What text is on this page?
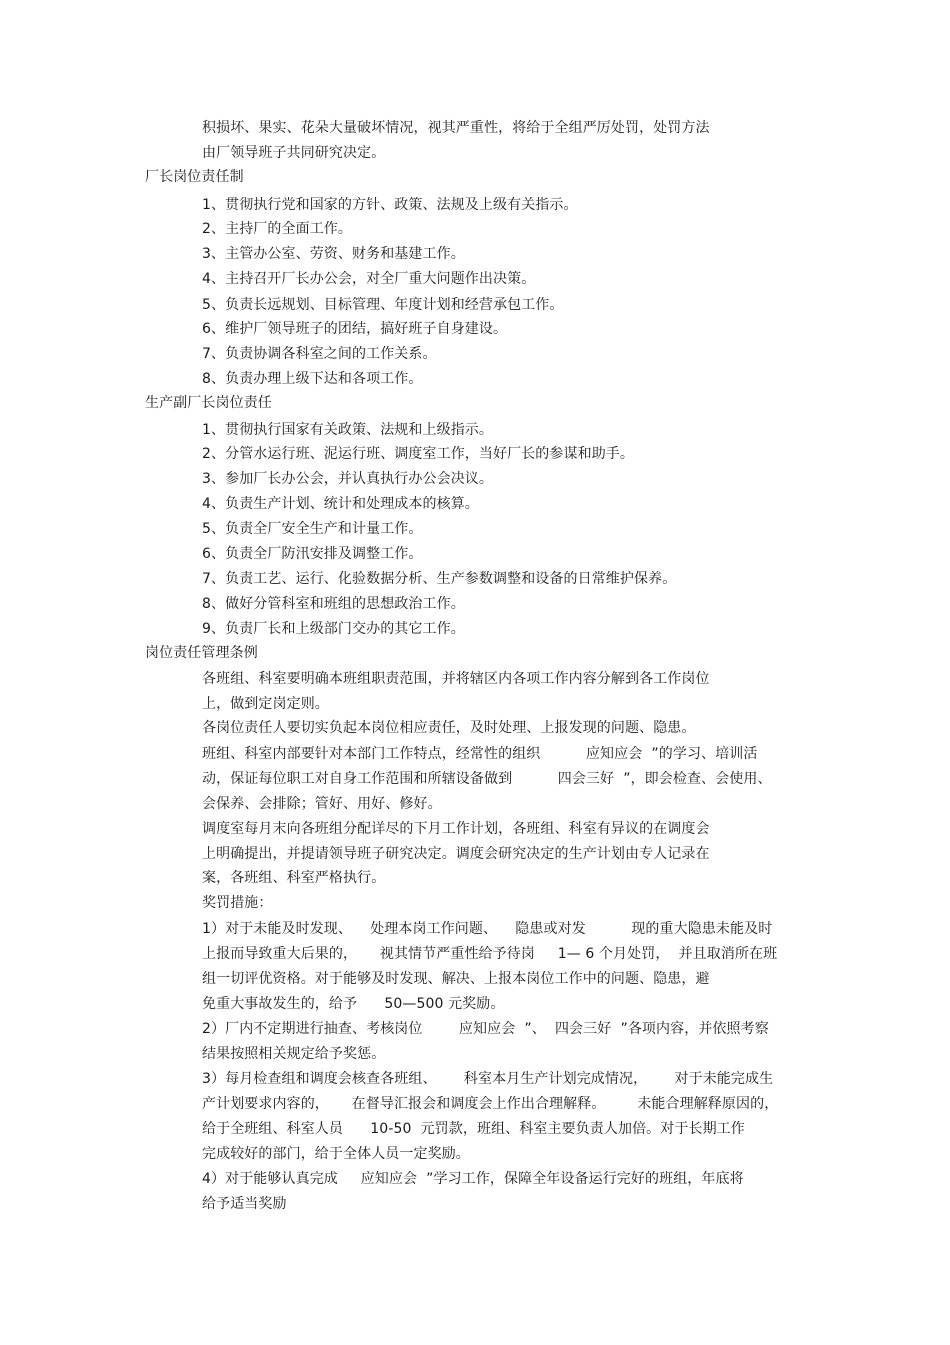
积损坏、果实、花朵大量破坏情况，视其严重性，将给于全组严厉处罚，处罚方法
由厂领导班子共同研究决定。
厂长岗位责任制
1、贯彻执行党和国家的方针、政策、法规及上级有关指示。
2、主持厂的全面工作。
3、主管办公室、劳资、财务和基建工作。
4、主持召开厂长办公会，对全厂重大问题作出决策。
5、负责长远规划、目标管理、年度计划和经营承包工作。
6、维护厂领导班子的团结，搞好班子自身建设。
7、负责协调各科室之间的工作关系。
8、负责办理上级下达和各项工作。
生产副厂长岗位责任
1、贯彻执行国家有关政策、法规和上级指示。
2、分管水运行班、泥运行班、调度室工作，当好厂长的参谋和助手。
3、参加厂长办公会，并认真执行办公会决议。
4、负责生产计划、统计和处理成本的核算。
5、负责全厂安全生产和计量工作。
6、负责全厂防汛安排及调整工作。
7、负责工艺、运行、化验数据分析、生产参数调整和设备的日常维护保养。
8、做好分管科室和班组的思想政治工作。
9、负责厂长和上级部门交办的其它工作。
岗位责任管理条例
各班组、科室要明确本班组职责范围，并将辖区内各项工作内容分解到各工作岗位
上，做到定岗定则。
各岗位责任人要切实负起本岗位相应责任，及时处理、上报发现的问题、隐患。
班组、科室内部要针对本部门工作特点，经常性的组织          应知应会  ”的学习、培训活
动，保证每位职工对自身工作范围和所辖设备做到          四会三好  ”，即会检查、会使用、
会保养、会排除；管好、用好、修好。
调度室每月末向各班组分配详尽的下月工作计划，各班组、科室有异议的在调度会
上明确提出，并提请领导班子研究决定。调度会研究决定的生产计划由专人记录在
案，各班组、科室严格执行。
奖罚措施：
1）对于未能及时发现、    处理本岗工作问题、    隐患或对发          现的重大隐患未能及时
上报而导致重大后果的，     视其情节严重性给予待岗     1— 6 个月处罚，  并且取消所在班
组一切评优资格。对于能够及时发现、解决、上报本岗位工作中的问题、隐患，避
免重大事故发生的，给予      50—500 元奖励。
2）厂内不定期进行抽查、考核岗位        应知应会  ”、  四会三好  ”各项内容，并依照考察
结果按照相关规定给予奖惩。
3）每月检查组和调度会核查各班组、      科室本月生产计划完成情况，      对于未能完成生
产计划要求内容的，     在督导汇报会和调度会上作出合理解释。       未能合理解释原因的，
给于全班组、科室人员      10-50  元罚款，班组、科室主要负责人加倍。对于长期工作
完成较好的部门，给于全体人员一定奖励。
4）对于能够认真完成     应知应会  ”学习工作，保障全年设备运行完好的班组，年底将
给予适当奖励
